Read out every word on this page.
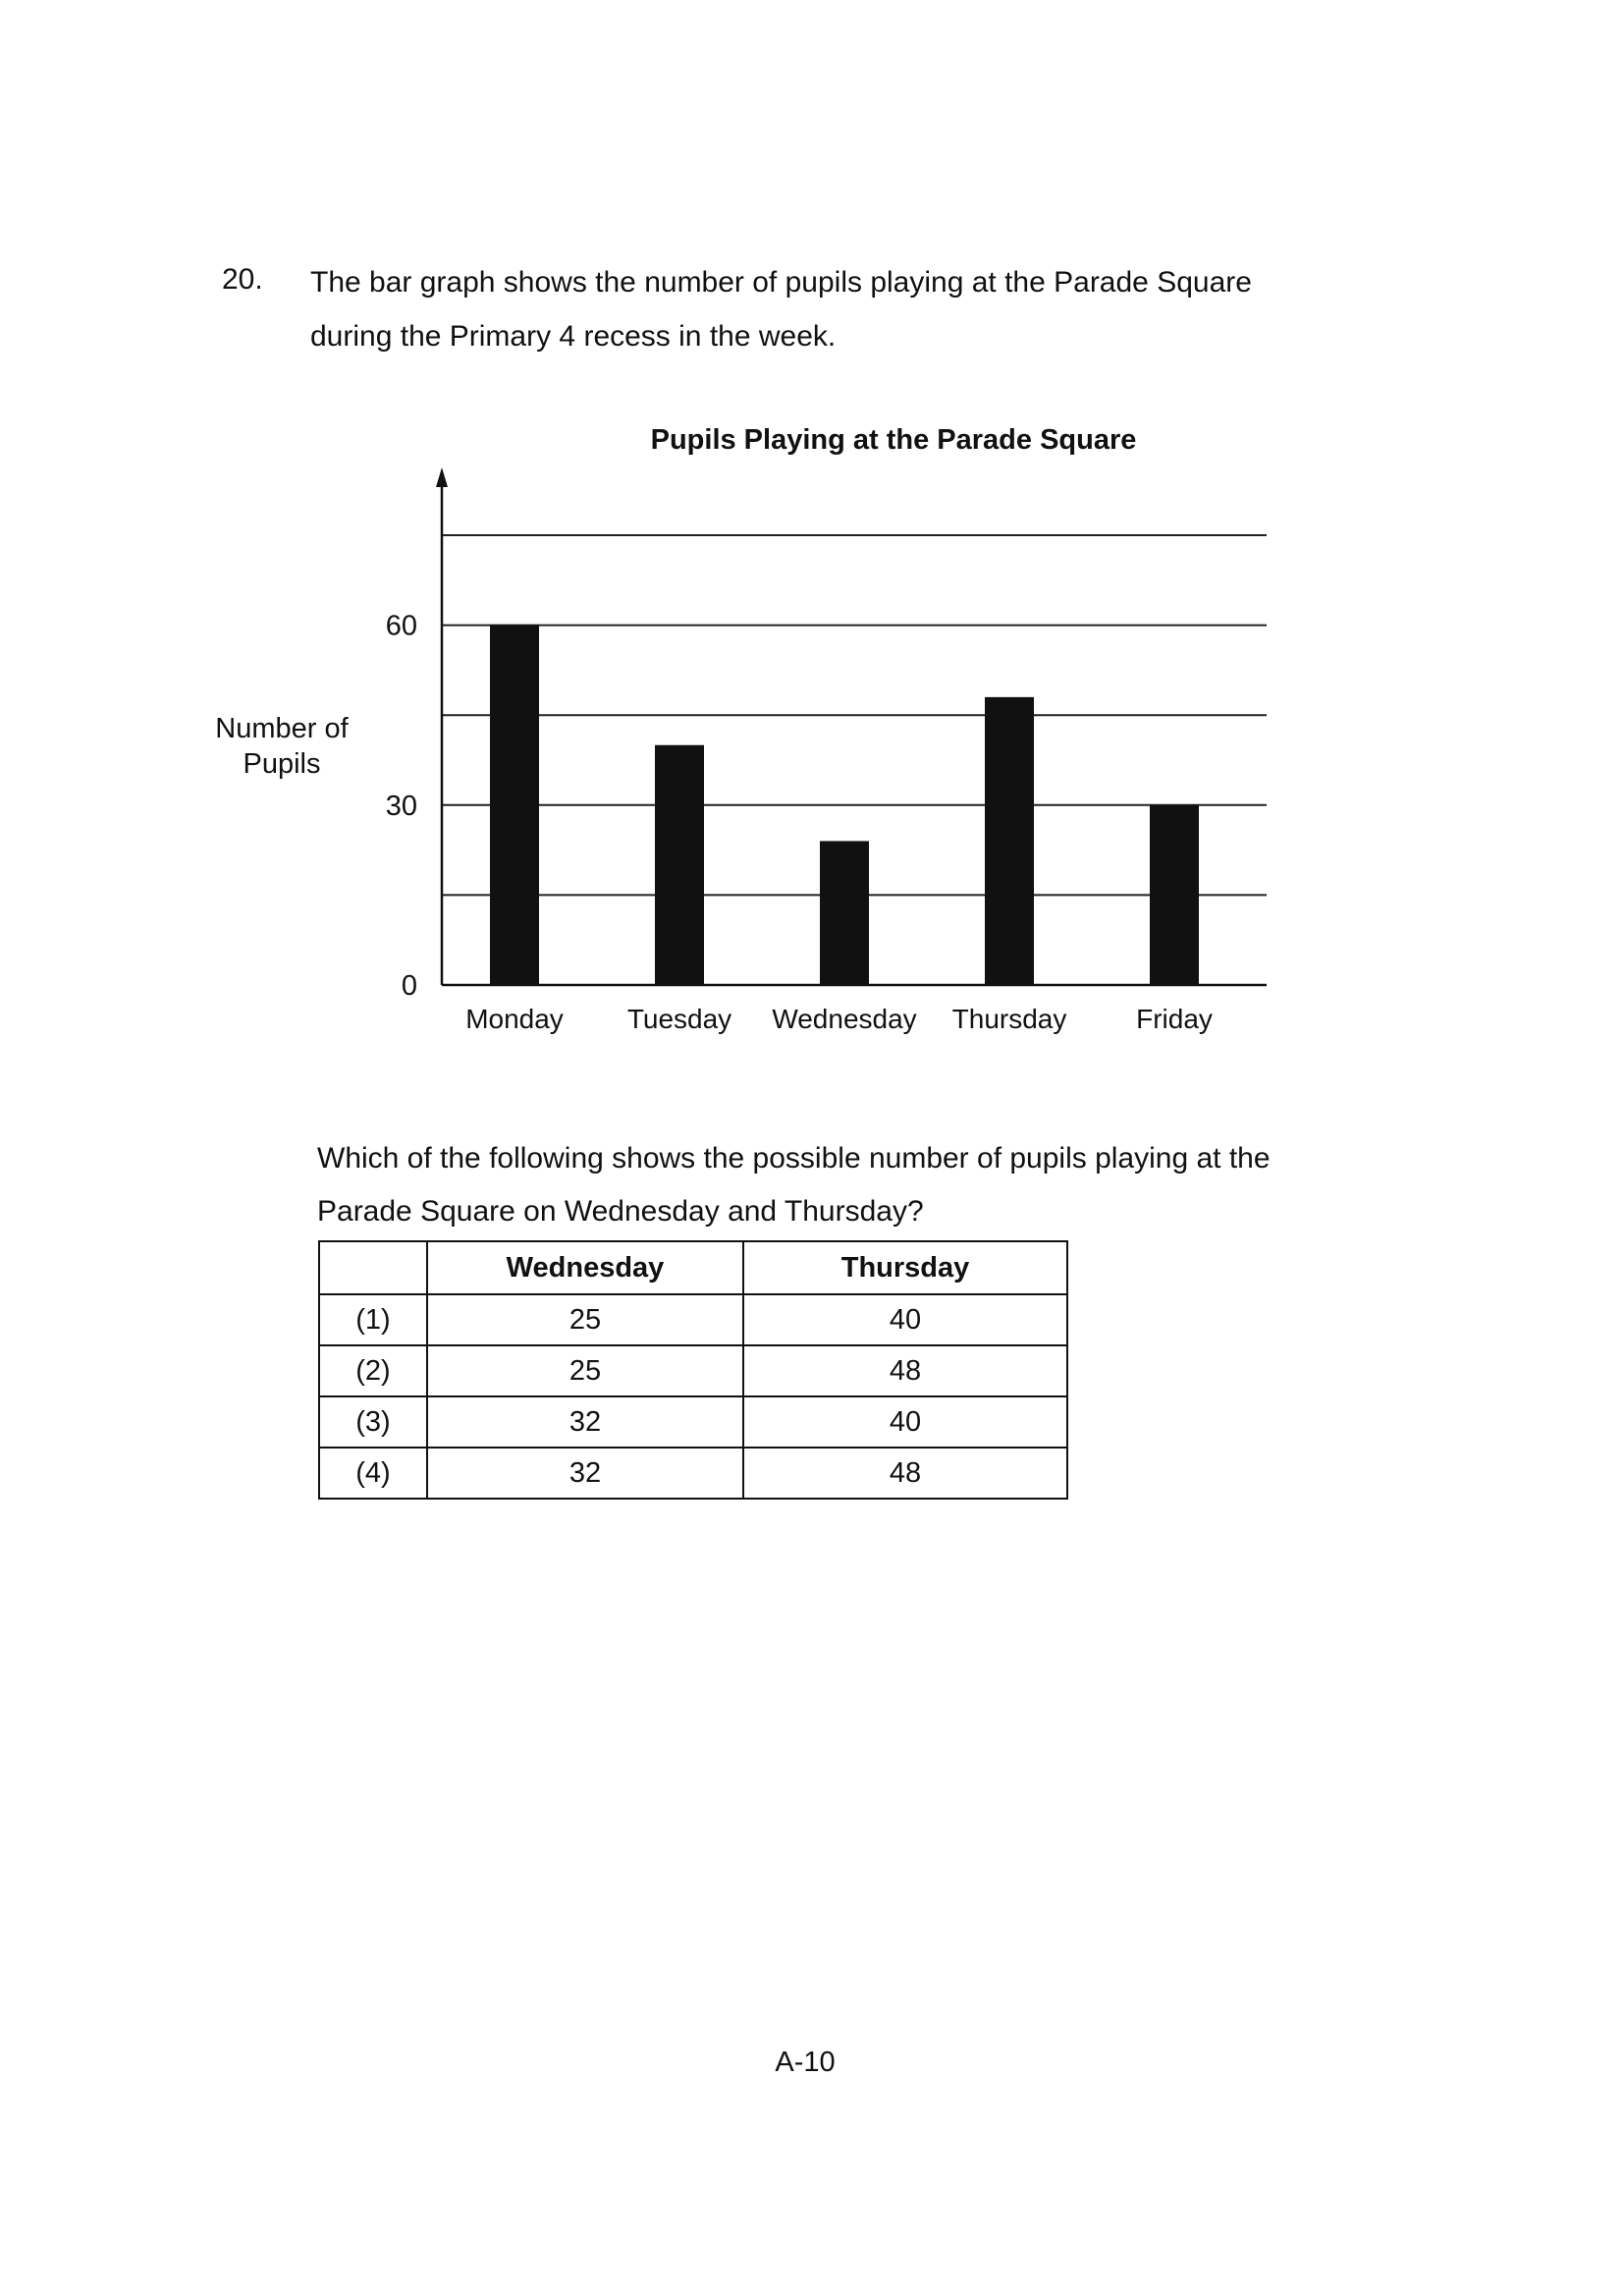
20. The bar graph shows the number of pupils playing at the Parade Square during the Primary 4 recess in the week.
Pupils Playing at the Parade Square
Number of Pupils
0
30
60
Monday Tuesday Wednesday Thursday	Friday
Which of the following shows the possible number of pupils playing at the Parade Square on Wednesday and Thursday?
	Wednesday	Thursday
(1)	25	40
(2)	25	48
(3)	32	40
(4)	32	48
A-10
